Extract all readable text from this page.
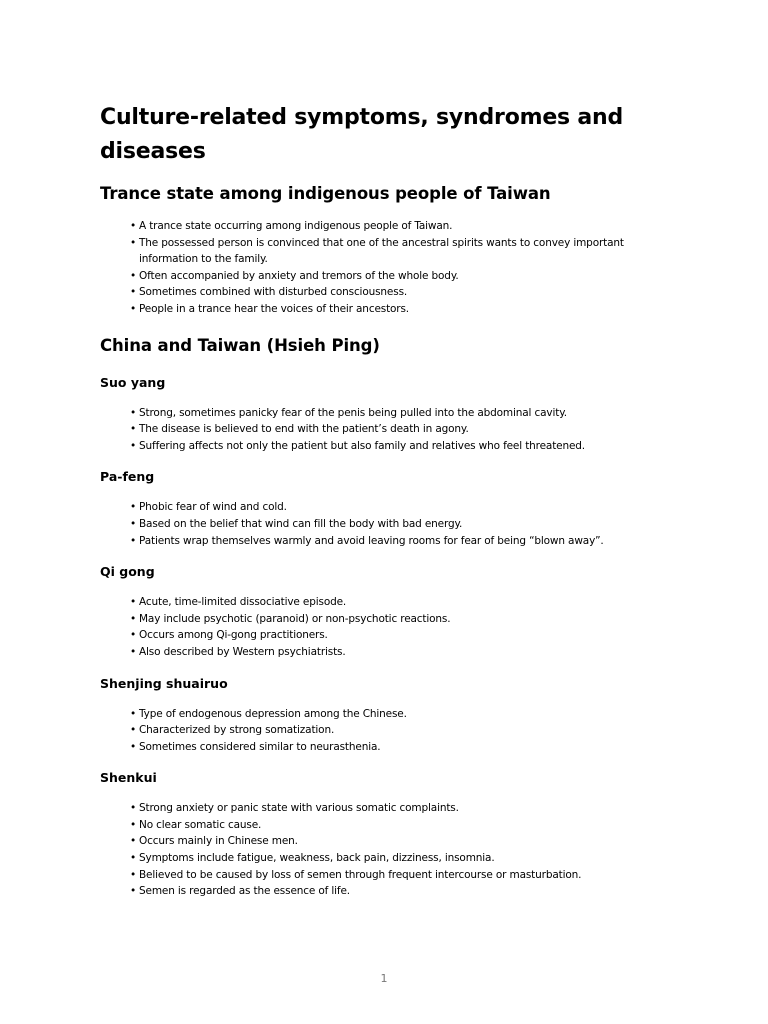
Culture-related symptoms, syndromes and diseases
Trance state among indigenous people of Taiwan
• A trance state occurring among indigenous people of Taiwan.
• The possessed person is convinced that one of the ancestral spirits wants to convey important information to the family.
• Often accompanied by anxiety and tremors of the whole body.
• Sometimes combined with disturbed consciousness.
• People in a trance hear the voices of their ancestors.
China and Taiwan (Hsieh Ping)
Suo yang
• Strong, sometimes panicky fear of the penis being pulled into the abdominal cavity.
• The disease is believed to end with the patient’s death in agony.
• Suffering affects not only the patient but also family and relatives who feel threatened.
Pa-feng
• Phobic fear of wind and cold.
• Based on the belief that wind can fill the body with bad energy.
• Patients wrap themselves warmly and avoid leaving rooms for fear of being “blown away”.
Qi gong
• Acute, time-limited dissociative episode.
• May include psychotic (paranoid) or non-psychotic reactions.
• Occurs among Qi-gong practitioners.
• Also described by Western psychiatrists.
Shenjing shuairuo
• Type of endogenous depression among the Chinese.
• Characterized by strong somatization.
• Sometimes considered similar to neurasthenia.
Shenkui
• Strong anxiety or panic state with various somatic complaints.
• No clear somatic cause.
• Occurs mainly in Chinese men.
• Symptoms include fatigue, weakness, back pain, dizziness, insomnia.
• Believed to be caused by loss of semen through frequent intercourse or masturbation.
• Semen is regarded as the essence of life.
1
